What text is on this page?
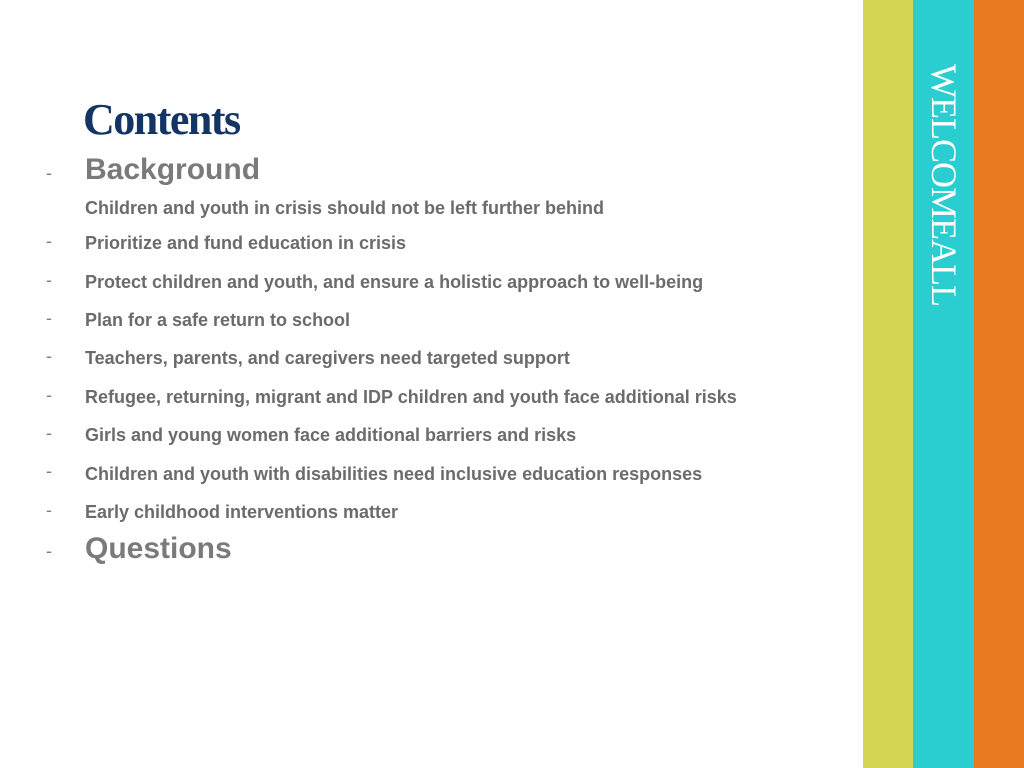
Contents
- Background
Children and youth in crisis should not be left further behind
- Prioritize and fund education in crisis
- Protect children and youth, and ensure a holistic approach to well-being
- Plan for a safe return to school
- Teachers, parents, and caregivers need targeted support
- Refugee, returning, migrant and IDP children and youth face additional risks
- Girls and young women face additional barriers and risks
- Children and youth with disabilities need inclusive education responses
- Early childhood interventions matter
- Questions
WELCOMEALL
